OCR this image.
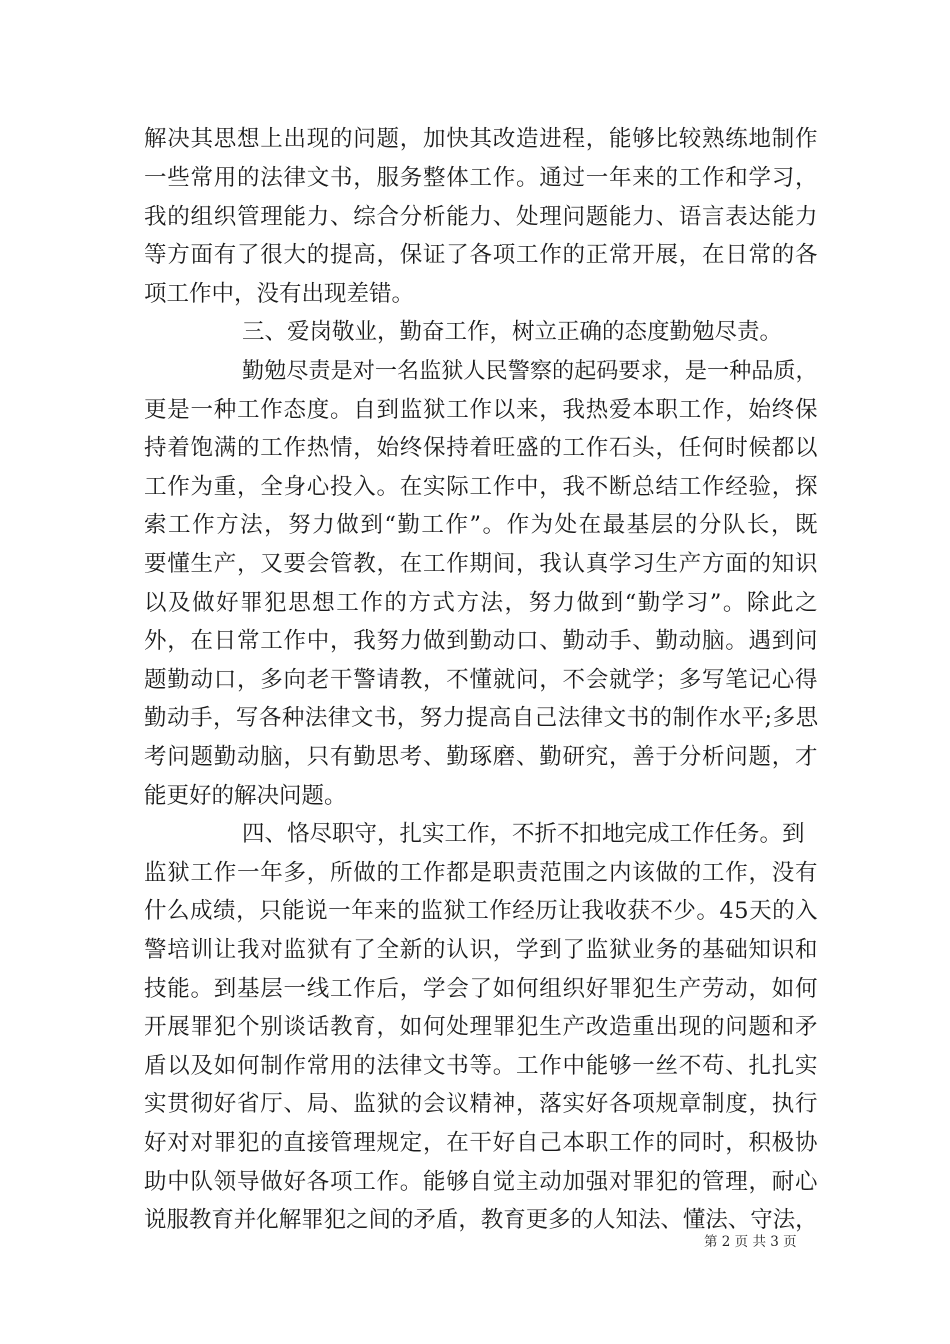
解决其思想上出现的问题，加快其改造进程，能够比较熟练地制作
一些常用的法律文书，服务整体工作。通过一年来的工作和学习，
我的组织管理能力、综合分析能力、处理问题能力、语言表达能力
等方面有了很大的提高，保证了各项工作的正常开展，在日常的各
项工作中，没有出现差错。
三、爱岗敬业，勤奋工作，树立正确的态度勤勉尽责。
勤勉尽责是对一名监狱人民警察的起码要求，是一种品质，
更是一种工作态度。自到监狱工作以来，我热爱本职工作，始终保
持着饱满的工作热情，始终保持着旺盛的工作石头，任何时候都以
工作为重，全身心投入。在实际工作中，我不断总结工作经验，探
索工作方法，努力做到“勤工作”。作为处在最基层的分队长，既
要懂生产，又要会管教，在工作期间，我认真学习生产方面的知识
以及做好罪犯思想工作的方式方法，努力做到“勤学习”。除此之
外，在日常工作中，我努力做到勤动口、勤动手、勤动脑。遇到问
题勤动口，多向老干警请教，不懂就问，不会就学；多写笔记心得
勤动手，写各种法律文书，努力提高自己法律文书的制作水平;多思
考问题勤动脑，只有勤思考、勤琢磨、勤研究，善于分析问题，才
能更好的解决问题。
四、恪尽职守，扎实工作，不折不扣地完成工作任务。到
监狱工作一年多，所做的工作都是职责范围之内该做的工作，没有
什么成绩，只能说一年来的监狱工作经历让我收获不少。45天的入
警培训让我对监狱有了全新的认识，学到了监狱业务的基础知识和
技能。到基层一线工作后，学会了如何组织好罪犯生产劳动，如何
开展罪犯个别谈话教育，如何处理罪犯生产改造重出现的问题和矛
盾以及如何制作常用的法律文书等。工作中能够一丝不苟、扎扎实
实贯彻好省厅、局、监狱的会议精神，落实好各项规章制度，执行
好对对罪犯的直接管理规定，在干好自己本职工作的同时，积极协
助中队领导做好各项工作。能够自觉主动加强对罪犯的管理，耐心
说服教育并化解罪犯之间的矛盾，教育更多的人知法、懂法、守法，
第 2 页 共 3 页
